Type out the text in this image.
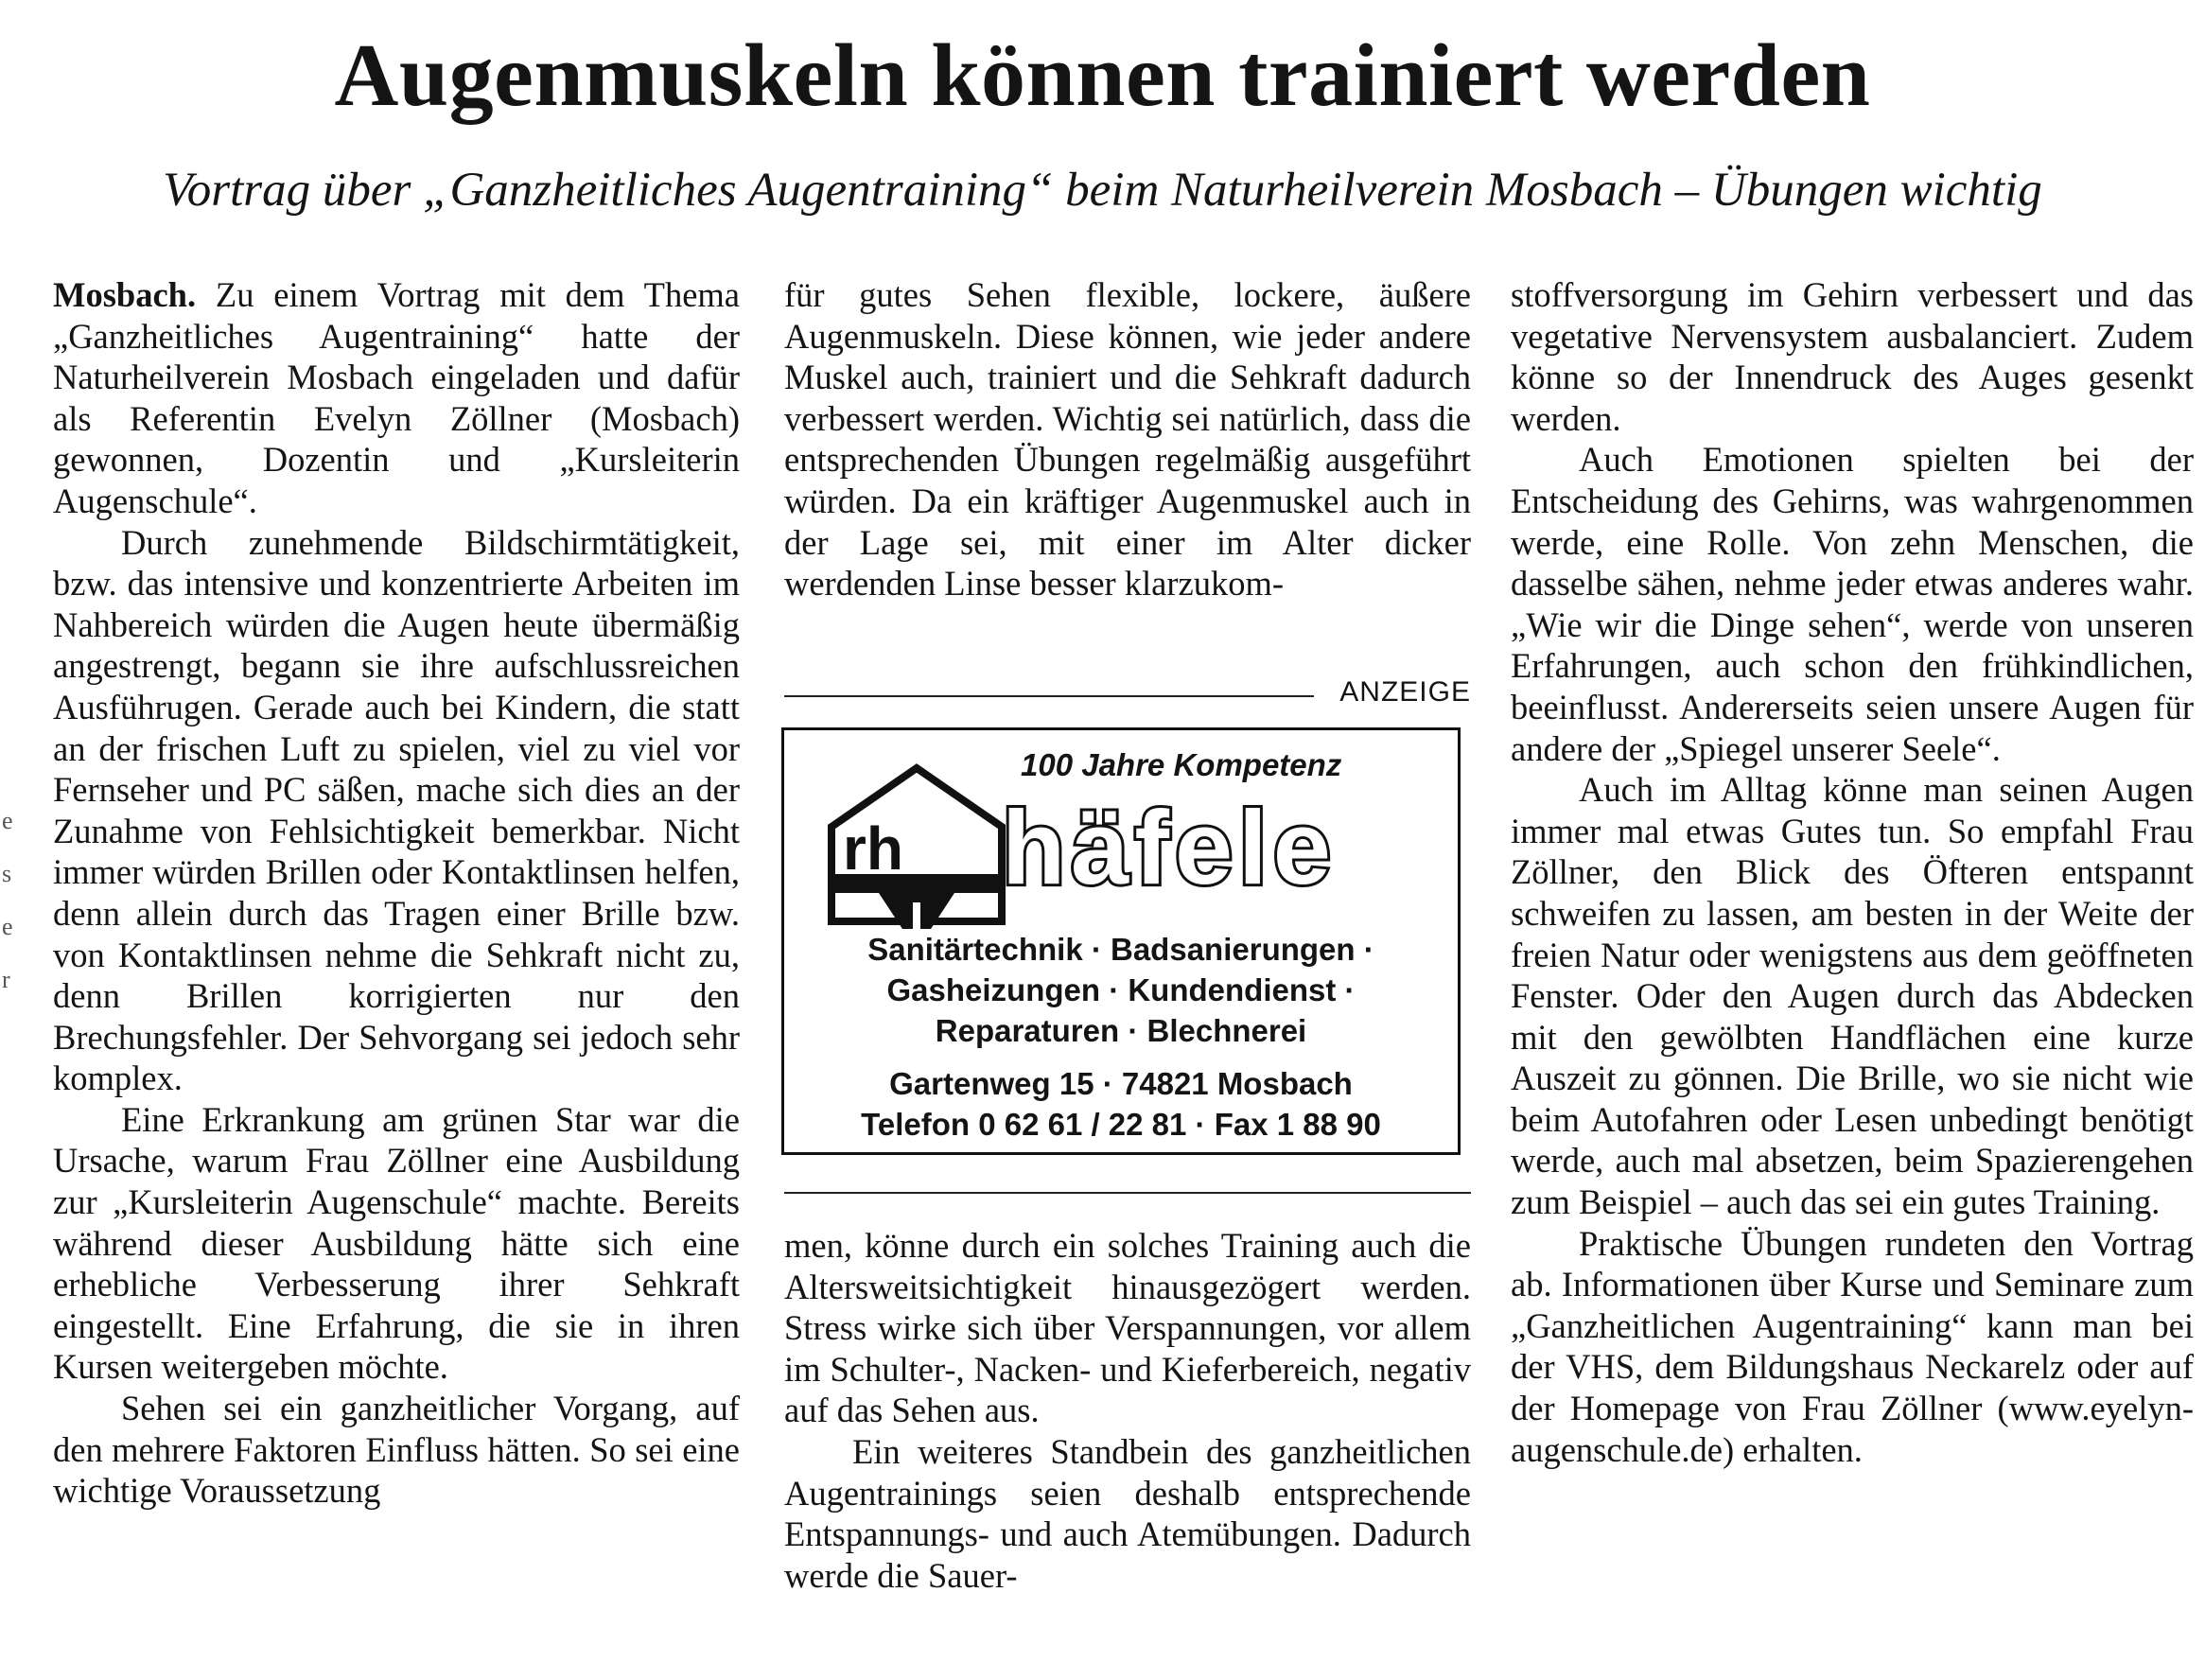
Augenmuskeln können trainiert werden
Vortrag über „Ganzheitliches Augentraining“ beim Naturheilverein Mosbach – Übungen wichtig

Mosbach. Zu einem Vortrag mit dem Thema „Ganzheitliches Augentraining“ hatte der Naturheilverein Mosbach eingeladen und dafür als Referentin Evelyn Zöllner (Mosbach) gewonnen, Dozentin und „Kursleiterin Augenschule“.

Durch zunehmende Bildschirmtätigkeit, bzw. das intensive und konzentrierte Arbeiten im Nahbereich würden die Augen heute übermäßig angestrengt, begann sie ihre aufschlussreichen Ausführugen. Gerade auch bei Kindern, die statt an der frischen Luft zu spielen, viel zu viel vor Fernseher und PC säßen, mache sich dies an der Zunahme von Fehlsichtigkeit bemerkbar. Nicht immer würden Brillen oder Kontaktlinsen helfen, denn allein durch das Tragen einer Brille bzw. von Kontaktlinsen nehme die Sehkraft nicht zu, denn Brillen korrigierten nur den Brechungsfehler. Der Sehvorgang sei jedoch sehr komplex.

Eine Erkrankung am grünen Star war die Ursache, warum Frau Zöllner eine Ausbildung zur „Kursleiterin Augenschule“ machte. Bereits während dieser Ausbildung hätte sich eine erhebliche Verbesserung ihrer Sehkraft eingestellt. Eine Erfahrung, die sie in ihren Kursen weitergeben möchte.

Sehen sei ein ganzheitlicher Vorgang, auf den mehrere Faktoren Einfluss hätten. So sei eine wichtige Voraussetzung

für gutes Sehen flexible, lockere, äußere Augenmuskeln. Diese können, wie jeder andere Muskel auch, trainiert und die Sehkraft dadurch verbessert werden. Wichtig sei natürlich, dass die entsprechenden Übungen regelmäßig ausgeführt würden. Da ein kräftiger Augenmuskel auch in der Lage sei, mit einer im Alter dicker werdenden Linse besser klarzukom-

men, könne durch ein solches Training auch die Altersweitsichtigkeit hinausgezögert werden. Stress wirke sich über Verspannungen, vor allem im Schulter-, Nacken- und Kieferbereich, negativ auf das Sehen aus.

Ein weiteres Standbein des ganzheitlichen Augentrainings seien deshalb entsprechende Entspannungs- und auch Atemübungen. Dadurch werde die Sauer-

ANZEIGE
100 Jahre Kompetenz
rh häfele
Sanitärtechnik · Badsanierungen ·
Gasheizungen · Kundendienst ·
Reparaturen · Blechnerei
Gartenweg 15 · 74821 Mosbach
Telefon 0 62 61 / 22 81 · Fax 1 88 90

stoffversorgung im Gehirn verbessert und das vegetative Nervensystem ausbalanciert. Zudem könne so der Innendruck des Auges gesenkt werden.

Auch Emotionen spielten bei der Entscheidung des Gehirns, was wahrgenommen werde, eine Rolle. Von zehn Menschen, die dasselbe sähen, nehme jeder etwas anderes wahr. „Wie wir die Dinge sehen“, werde von unseren Erfahrungen, auch schon den frühkindlichen, beeinflusst. Andererseits seien unsere Augen für andere der „Spiegel unserer Seele“.

Auch im Alltag könne man seinen Augen immer mal etwas Gutes tun. So empfahl Frau Zöllner, den Blick des Öfteren entspannt schweifen zu lassen, am besten in der Weite der freien Natur oder wenigstens aus dem geöffneten Fenster. Oder den Augen durch das Abdecken mit den gewölbten Handflächen eine kurze Auszeit zu gönnen. Die Brille, wo sie nicht wie beim Autofahren oder Lesen unbedingt benötigt werde, auch mal absetzen, beim Spazierengehen zum Beispiel – auch das sei ein gutes Training.

Praktische Übungen rundeten den Vortrag ab. Informationen über Kurse und Seminare zum „Ganzheitlichen Augentraining“ kann man bei der VHS, dem Bildungshaus Neckarelz oder auf der Homepage von Frau Zöllner (www.eyelyn-augenschule.de) erhalten.

e
s
e
r
